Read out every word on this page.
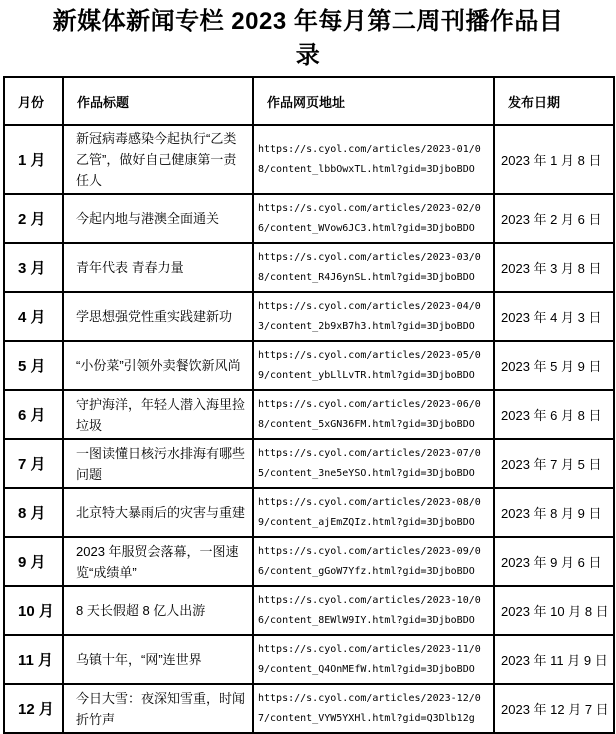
新媒体新闻专栏 2023 年每月第二周刊播作品目录
月份	作品标题	作品网页地址	发布日期
1 月	新冠病毒感染今起执行“乙类乙管”，做好自己健康第一责任人	https://s.cyol.com/articles/2023-01/08/content_lbbOwxTL.html?gid=3DjboBDO	2023 年 1 月 8 日
2 月	今起内地与港澳全面通关	https://s.cyol.com/articles/2023-02/06/content_WVow6JC3.html?gid=3DjboBDO	2023 年 2 月 6 日
3 月	青年代表 青春力量	https://s.cyol.com/articles/2023-03/08/content_R4J6ynSL.html?gid=3DjboBDO	2023 年 3 月 8 日
4 月	学思想强党性重实践建新功	https://s.cyol.com/articles/2023-04/03/content_2b9xB7h3.html?gid=3DjboBDO	2023 年 4 月 3 日
5 月	“小份菜”引领外卖餐饮新风尚	https://s.cyol.com/articles/2023-05/09/content_ybLlLvTR.html?gid=3DjboBDO	2023 年 5 月 9 日
6 月	守护海洋，年轻人潜入海里捡垃圾	https://s.cyol.com/articles/2023-06/08/content_5xGN36FM.html?gid=3DjboBDO	2023 年 6 月 8 日
7 月	一图读懂日核污水排海有哪些问题	https://s.cyol.com/articles/2023-07/05/content_3ne5eYSO.html?gid=3DjboBDO	2023 年 7 月 5 日
8 月	北京特大暴雨后的灾害与重建	https://s.cyol.com/articles/2023-08/09/content_ajEmZQIz.html?gid=3DjboBDO	2023 年 8 月 9 日
9 月	2023 年服贸会落幕，一图速览“成绩单”	https://s.cyol.com/articles/2023-09/06/content_gGoW7Yfz.html?gid=3DjboBDO	2023 年 9 月 6 日
10 月	8 天长假超 8 亿人出游	https://s.cyol.com/articles/2023-10/06/content_8EWlW9IY.html?gid=3DjboBDO	2023 年 10 月 8 日
11 月	乌镇十年，“网”连世界	https://s.cyol.com/articles/2023-11/09/content_Q4OnMEfW.html?gid=3DjboBDO	2023 年 11 月 9 日
12 月	今日大雪：夜深知雪重，时闻折竹声	https://s.cyol.com/articles/2023-12/07/content_VYW5YXHl.html?gid=Q3Dlb12g	2023 年 12 月 7 日
